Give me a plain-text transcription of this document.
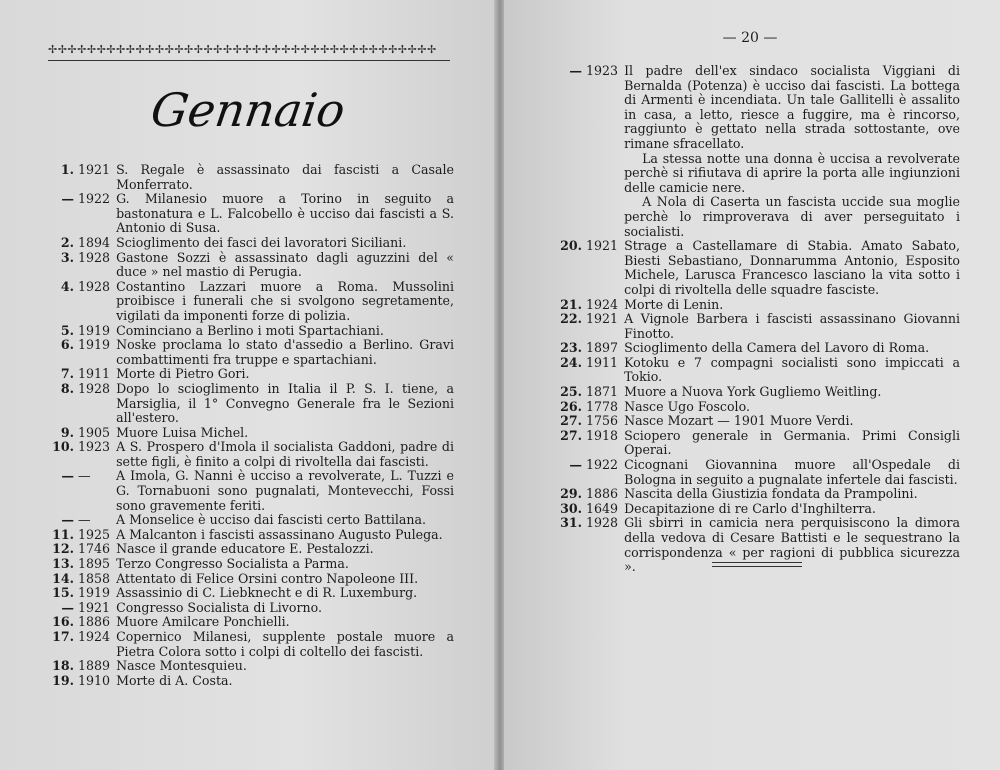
✢✢✢✢✢✢✢✢✢✢✢✢✢✢✢✢✢✢✢✢✢✢✢✢✢✢✢✢✢✢✢✢✢✢✢✢✢✢✢✢
Gennaio
1. 1921 S. Regale è assassinato dai fascisti a Casale Monferrato.
— 1922 G. Milanesio muore a Torino in seguito a bastonatura e L. Falcobello è ucciso dai fascisti a S. Antonio di Susa.
2. 1894 Scioglimento dei fasci dei lavoratori Siciliani.
3. 1928 Gastone Sozzi è assassinato dagli aguzzini del « duce » nel mastio di Perugia.
4. 1928 Costantino Lazzari muore a Roma. Mussolini proibisce i funerali che si svolgono segretamente, vigilati da imponenti forze di polizia.
5. 1919 Cominciano a Berlino i moti Spartachiani.
6. 1919 Noske proclama lo stato d'assedio a Berlino. Gravi combattimenti fra truppe e spartachiani.
7. 1911 Morte di Pietro Gori.
8. 1928 Dopo lo scioglimento in Italia il P. S. I. tiene, a Marsiglia, il 1° Convegno Generale fra le Sezioni all'estero.
9. 1905 Muore Luisa Michel.
10. 1923 A S. Prospero d'Imola il socialista Gaddoni, padre di sette figli, è finito a colpi di rivoltella dai fascisti.
— —	A Imola, G. Nanni è ucciso a revolverate, L. Tuzzi e G. Tornabuoni sono pugnalati, Montevecchi, Fossi sono gravemente feriti.
— —	A Monselice è ucciso dai fascisti certo Battilana.
11. 1925 A Malcanton i fascisti assassinano Augusto Pulega.
12. 1746 Nasce il grande educatore E. Pestalozzi.
13. 1895 Terzo Congresso Socialista a Parma.
14. 1858 Attentato di Felice Orsini contro Napoleone III.
15. 1919 Assassinio di C. Liebknecht e di R. Luxemburg.
— 1921 Congresso Socialista di Livorno.
16. 1886 Muore Amilcare Ponchielli.
17. 1924 Copernico Milanesi, supplente postale muore a Pietra Colora sotto i colpi di coltello dei fascisti.
18. 1889 Nasce Montesquieu.
19. 1910 Morte di A. Costa.
— 20 —
— 1923 Il padre dell'ex sindaco socialista Viggiani di Bernalda (Potenza) è ucciso dai fascisti. La bottega di Armenti è incendiata. Un tale Gallitelli è assalito in casa, a letto, riesce a fuggire, ma è rincorso, raggiunto è gettato nella strada sottostante, ove rimane sfracellato.
La stessa notte una donna è uccisa a revolverate perchè si rifiutava di aprire la porta alle ingiunzioni delle camicie nere.
A Nola di Caserta un fascista uccide sua moglie perchè lo rimproverava di aver perseguitato i socialisti.
20. 1921 Strage a Castellamare di Stabia. Amato Sabato, Biesti Sebastiano, Donnarumma Antonio, Esposito Michele, Larusca Francesco lasciano la vita sotto i colpi di rivoltella delle squadre fasciste.
21. 1924 Morte di Lenin.
22. 1921 A Vignole Barbera i fascisti assassinano Giovanni Finotto.
23. 1897 Scioglimento della Camera del Lavoro di Roma.
24. 1911 Kotoku e 7 compagni socialisti sono impiccati a Tokio.
25. 1871 Muore a Nuova York Gugliemo Weitling.
26. 1778 Nasce Ugo Foscolo.
27. 1756 Nasce Mozart — 1901 Muore Verdi.
27. 1918 Sciopero generale in Germania. Primi Consigli Operai.
— 1922 Cicognani Giovannina muore all'Ospedale di Bologna in seguito a pugnalate infertele dai fascisti.
29. 1886 Nascita della Giustizia fondata da Prampolini.
30. 1649 Decapitazione di re Carlo d'Inghilterra.
31. 1928 Gli sbirri in camicia nera perquisiscono la dimora della vedova di Cesare Battisti e le sequestrano la corrispondenza « per ragioni di pubblica sicurezza ».
